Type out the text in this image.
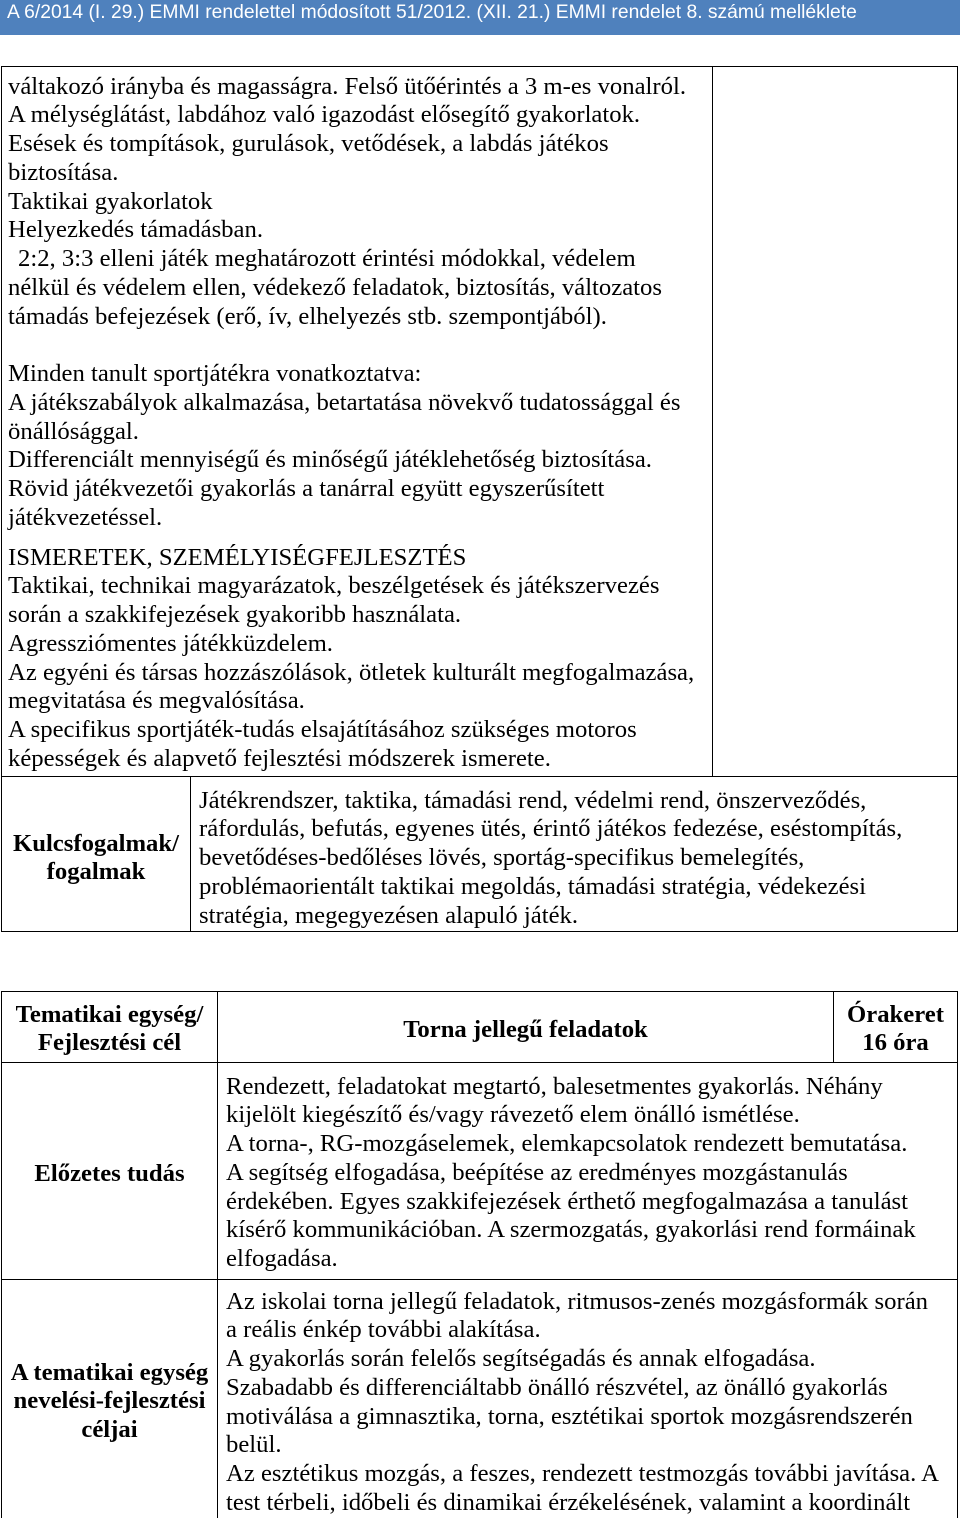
A 6/2014 (I. 29.) EMMI rendelettel módosított 51/2012. (XII. 21.) EMMI rendelet 8. számú melléklete
váltakozó irányba és magasságra. Felső ütőérintés a 3 m-es vonalról.
A mélységlátást, labdához való igazodást elősegítő gyakorlatok.
Esések és tompítások, gurulások, vetődések, a labdás játékos
biztosítása.
Taktikai gyakorlatok
Helyezkedés támadásban.
2:2, 3:3 elleni játék meghatározott érintési módokkal, védelem
nélkül és védelem ellen, védekező feladatok, biztosítás, változatos
támadás befejezések (erő, ív, elhelyezés stb. szempontjából).
Minden tanult sportjátékra vonatkoztatva:
A játékszabályok alkalmazása, betartatása növekvő tudatossággal és
önállósággal.
Differenciált mennyiségű és minőségű játéklehetőség biztosítása.
Rövid játékvezetői gyakorlás a tanárral együtt egyszerűsített
játékvezetéssel.
ISMERETEK, SZEMÉLYISÉGFEJLESZTÉS
Taktikai, technikai magyarázatok, beszélgetések és játékszervezés
során a szakkifejezések gyakoribb használata.
Agressziómentes játékküzdelem.
Az egyéni és társas hozzászólások, ötletek kulturált megfogalmazása,
megvitatása és megvalósítása.
A specifikus sportjáték-tudás elsajátításához szükséges motoros
képességek és alapvető fejlesztési módszerek ismerete.
Kulcsfogalmak/
fogalmak
Játékrendszer, taktika, támadási rend, védelmi rend, önszerveződés,
ráfordulás, befutás, egyenes ütés, érintő játékos fedezése, eséstompítás,
bevetődéses-bedőléses lövés, sportág-specifikus bemelegítés,
problémaorientált taktikai megoldás, támadási stratégia, védekezési
stratégia, megegyezésen alapuló játék.
Tematikai egység/
Fejlesztési cél
Torna jellegű feladatok
Órakeret
16 óra
Előzetes tudás
Rendezett, feladatokat megtartó, balesetmentes gyakorlás. Néhány
kijelölt kiegészítő és/vagy rávezető elem önálló ismétlése.
A torna-, RG-mozgáselemek, elemkapcsolatok rendezett bemutatása.
A segítség elfogadása, beépítése az eredményes mozgástanulás
érdekében. Egyes szakkifejezések érthető megfogalmazása a tanulást
kísérő kommunikációban. A szermozgatás, gyakorlási rend formáinak
elfogadása.
A tematikai egység
nevelési-fejlesztési
céljai
Az iskolai torna jellegű feladatok, ritmusos-zenés mozgásformák során
a reális énkép további alakítása.
A gyakorlás során felelős segítségadás és annak elfogadása.
Szabadabb és differenciáltabb önálló részvétel, az önálló gyakorlás
motiválása a gimnasztika, torna, esztétikai sportok mozgásrendszerén
belül.
Az esztétikus mozgás, a feszes, rendezett testmozgás további javítása. A
test térbeli, időbeli és dinamikai érzékelésének, valamint a koordinált
